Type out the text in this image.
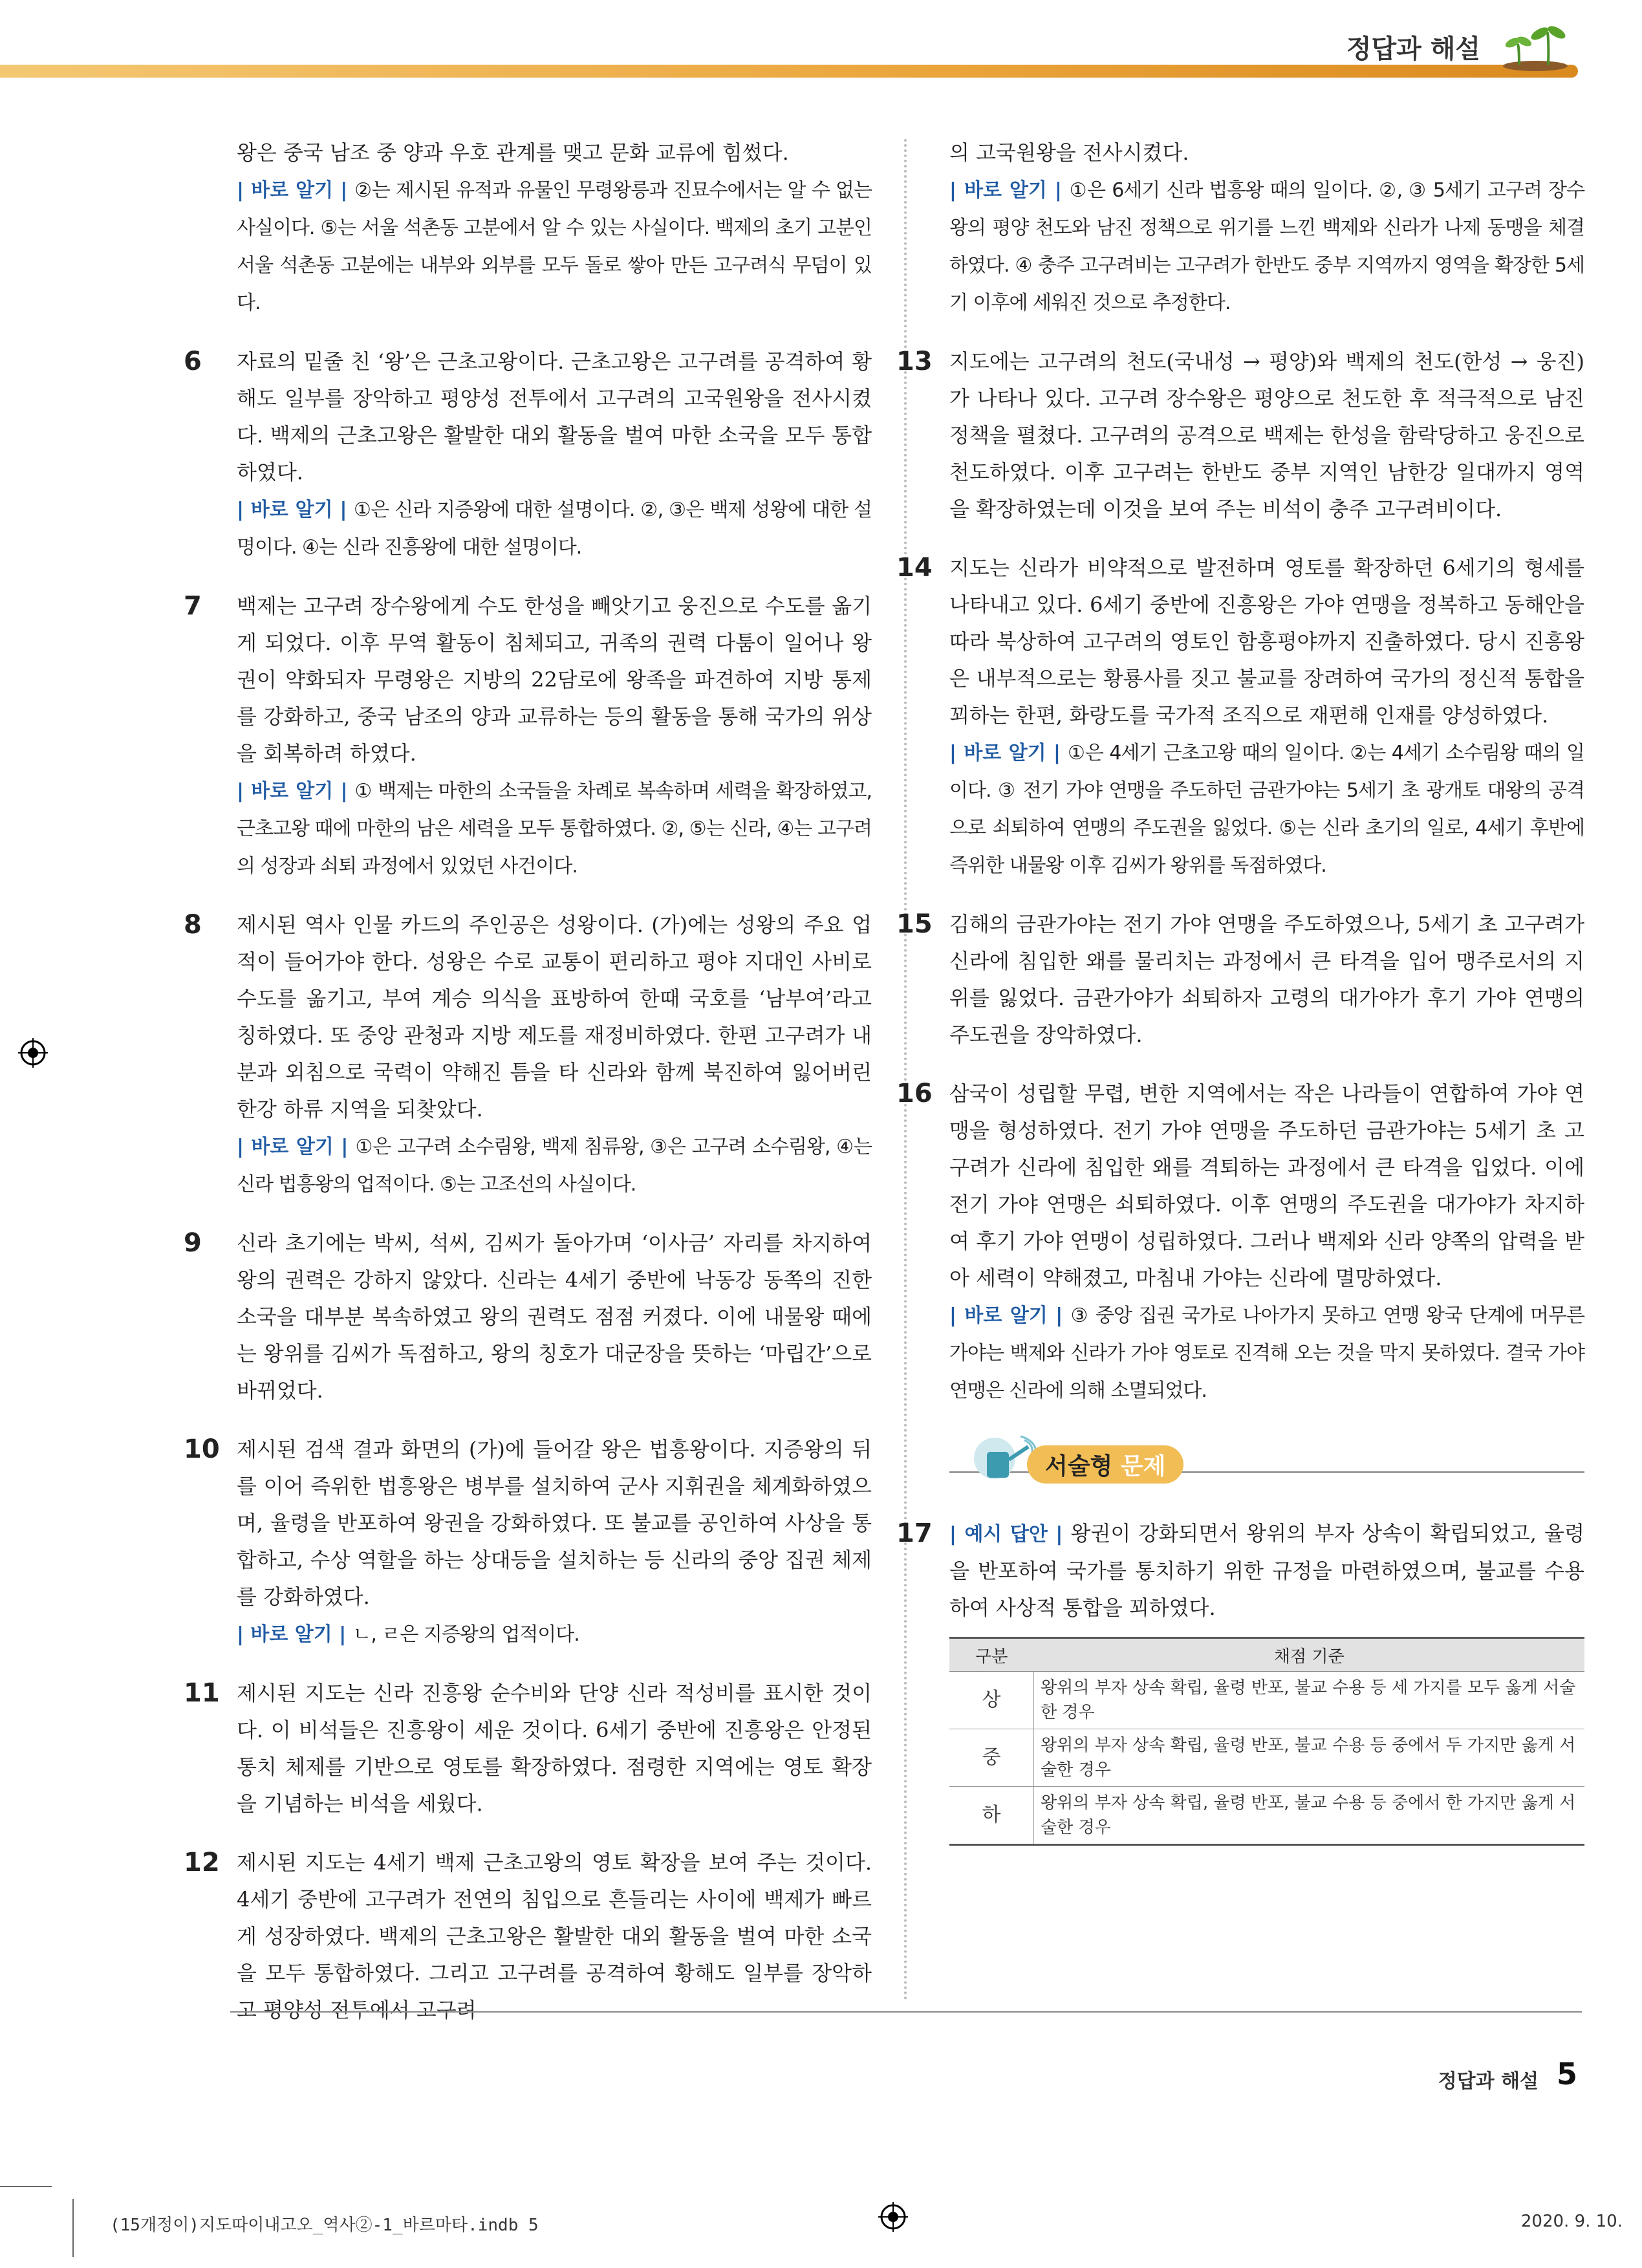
정답과 해설
왕은 중국 남조 중 양과 우호 관계를 맺고 문화 교류에 힘썼다.
| 바로 알기 | ②는 제시된 유적과 유물인 무령왕릉과 진묘수에서는 알 수 없는 사실이다. ⑤는 서울 석촌동 고분에서 알 수 있는 사실이다. 백제의 초기 고분인 서울 석촌동 고분에는 내부와 외부를 모두 돌로 쌓아 만든 고구려식 무덤이 있다.
6	자료의 밑줄 친 ‘왕’은 근초고왕이다. 근초고왕은 고구려를 공격하여 황해도 일부를 장악하고 평양성 전투에서 고구려의 고국원왕을 전사시켰다. 백제의 근초고왕은 활발한 대외 활동을 벌여 마한 소국을 모두 통합하였다.
| 바로 알기 | ①은 신라 지증왕에 대한 설명이다. ②, ③은 백제 성왕에 대한 설명이다. ④는 신라 진흥왕에 대한 설명이다.
7	백제는 고구려 장수왕에게 수도 한성을 빼앗기고 웅진으로 수도를 옮기게 되었다. 이후 무역 활동이 침체되고, 귀족의 권력 다툼이 일어나 왕권이 약화되자 무령왕은 지방의 22담로에 왕족을 파견하여 지방 통제를 강화하고, 중국 남조의 양과 교류하는 등의 활동을 통해 국가의 위상을 회복하려 하였다.
| 바로 알기 | ① 백제는 마한의 소국들을 차례로 복속하며 세력을 확장하였고, 근초고왕 때에 마한의 남은 세력을 모두 통합하였다. ②, ⑤는 신라, ④는 고구려의 성장과 쇠퇴 과정에서 있었던 사건이다.
8	제시된 역사 인물 카드의 주인공은 성왕이다. (가)에는 성왕의 주요 업적이 들어가야 한다. 성왕은 수로 교통이 편리하고 평야 지대인 사비로 수도를 옮기고, 부여 계승 의식을 표방하여 한때 국호를 ‘남부여’라고 칭하였다. 또 중앙 관청과 지방 제도를 재정비하였다. 한편 고구려가 내분과 외침으로 국력이 약해진 틈을 타 신라와 함께 북진하여 잃어버린 한강 하류 지역을 되찾았다.
| 바로 알기 | ①은 고구려 소수림왕, 백제 침류왕, ③은 고구려 소수림왕, ④는 신라 법흥왕의 업적이다. ⑤는 고조선의 사실이다.
9	신라 초기에는 박씨, 석씨, 김씨가 돌아가며 ‘이사금’ 자리를 차지하여 왕의 권력은 강하지 않았다. 신라는 4세기 중반에 낙동강 동쪽의 진한 소국을 대부분 복속하였고 왕의 권력도 점점 커졌다. 이에 내물왕 때에는 왕위를 김씨가 독점하고, 왕의 칭호가 대군장을 뜻하는 ‘마립간’으로 바뀌었다.
10 제시된 검색 결과 화면의 (가)에 들어갈 왕은 법흥왕이다. 지증왕의 뒤를 이어 즉위한 법흥왕은 병부를 설치하여 군사 지휘권을 체계화하였으며, 율령을 반포하여 왕권을 강화하였다. 또 불교를 공인하여 사상을 통합하고, 수상 역할을 하는 상대등을 설치하는 등 신라의 중앙 집권 체제를 강화하였다.
| 바로 알기 | ㄴ, ㄹ은 지증왕의 업적이다.
11 제시된 지도는 신라 진흥왕 순수비와 단양 신라 적성비를 표시한 것이다. 이 비석들은 진흥왕이 세운 것이다. 6세기 중반에 진흥왕은 안정된 통치 체제를 기반으로 영토를 확장하였다. 점령한 지역에는 영토 확장을 기념하는 비석을 세웠다.
12 제시된 지도는 4세기 백제 근초고왕의 영토 확장을 보여 주는 것이다. 4세기 중반에 고구려가 전연의 침입으로 흔들리는 사이에 백제가 빠르게 성장하였다. 백제의 근초고왕은 활발한 대외 활동을 벌여 마한 소국을 모두 통합하였다. 그리고 고구려를 공격하여 황해도 일부를 장악하고 평양성 전투에서 고구려
의 고국원왕을 전사시켰다.
| 바로 알기 | ①은 6세기 신라 법흥왕 때의 일이다. ②, ③ 5세기 고구려 장수왕의 평양 천도와 남진 정책으로 위기를 느낀 백제와 신라가 나제 동맹을 체결하였다. ④ 충주 고구려비는 고구려가 한반도 중부 지역까지 영역을 확장한 5세기 이후에 세워진 것으로 추정한다.
13 지도에는 고구려의 천도(국내성 → 평양)와 백제의 천도(한성 → 웅진)가 나타나 있다. 고구려 장수왕은 평양으로 천도한 후 적극적으로 남진 정책을 펼쳤다. 고구려의 공격으로 백제는 한성을 함락당하고 웅진으로 천도하였다. 이후 고구려는 한반도 중부 지역인 남한강 일대까지 영역을 확장하였는데 이것을 보여 주는 비석이 충주 고구려비이다.
14 지도는 신라가 비약적으로 발전하며 영토를 확장하던 6세기의 형세를 나타내고 있다. 6세기 중반에 진흥왕은 가야 연맹을 정복하고 동해안을 따라 북상하여 고구려의 영토인 함흥평야까지 진출하였다. 당시 진흥왕은 내부적으로는 황룡사를 짓고 불교를 장려하여 국가의 정신적 통합을 꾀하는 한편, 화랑도를 국가적 조직으로 재편해 인재를 양성하였다.
| 바로 알기 | ①은 4세기 근초고왕 때의 일이다. ②는 4세기 소수림왕 때의 일이다. ③ 전기 가야 연맹을 주도하던 금관가야는 5세기 초 광개토 대왕의 공격으로 쇠퇴하여 연맹의 주도권을 잃었다. ⑤는 신라 초기의 일로, 4세기 후반에 즉위한 내물왕 이후 김씨가 왕위를 독점하였다.
15 김해의 금관가야는 전기 가야 연맹을 주도하였으나, 5세기 초 고구려가 신라에 침입한 왜를 물리치는 과정에서 큰 타격을 입어 맹주로서의 지위를 잃었다. 금관가야가 쇠퇴하자 고령의 대가야가 후기 가야 연맹의 주도권을 장악하였다.
16 삼국이 성립할 무렵, 변한 지역에서는 작은 나라들이 연합하여 가야 연맹을 형성하였다. 전기 가야 연맹을 주도하던 금관가야는 5세기 초 고구려가 신라에 침입한 왜를 격퇴하는 과정에서 큰 타격을 입었다. 이에 전기 가야 연맹은 쇠퇴하였다. 이후 연맹의 주도권을 대가야가 차지하여 후기 가야 연맹이 성립하였다. 그러나 백제와 신라 양쪽의 압력을 받아 세력이 약해졌고, 마침내 가야는 신라에 멸망하였다.
| 바로 알기 | ③ 중앙 집권 국가로 나아가지 못하고 연맹 왕국 단계에 머무른 가야는 백제와 신라가 가야 영토로 진격해 오는 것을 막지 못하였다. 결국 가야 연맹은 신라에 의해 소멸되었다.
서술형 문제
17 | 예시 답안 | 왕권이 강화되면서 왕위의 부자 상속이 확립되었고, 율령을 반포하여 국가를 통치하기 위한 규정을 마련하였으며, 불교를 수용하여 사상적 통합을 꾀하였다.
구분	채점 기준
상	왕위의 부자 상속 확립, 율령 반포, 불교 수용 등 세 가지를 모두 옳게 서술한 경우
중	왕위의 부자 상속 확립, 율령 반포, 불교 수용 등 중에서 두 가지만 옳게 서술한 경우
하	왕위의 부자 상속 확립, 율령 반포, 불교 수용 등 중에서 한 가지만 옳게 서술한 경우
정답과 해설 5
(15개정이)지도따이내고오_역사②-1_바르마타.indb 5	2020. 9. 10.
